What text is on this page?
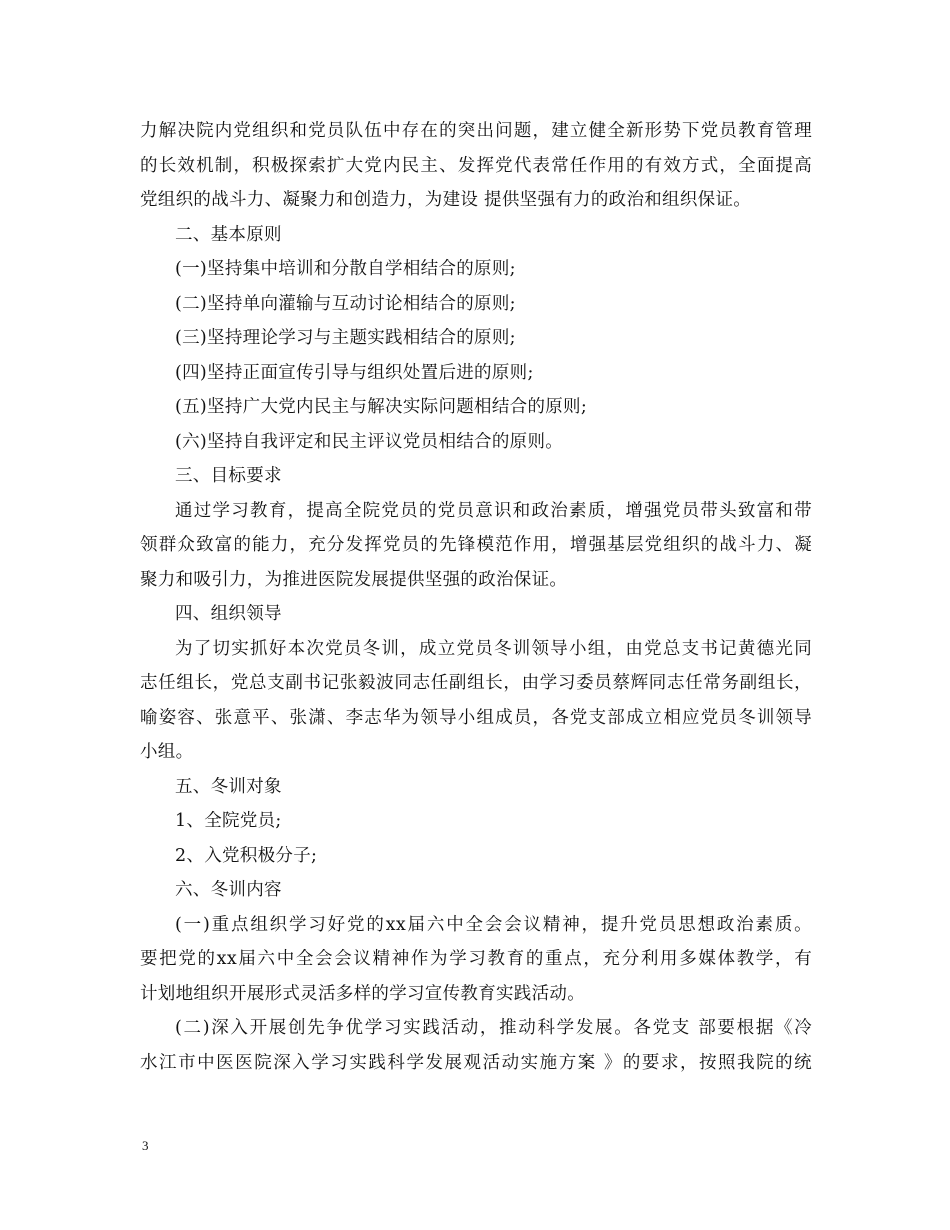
力解决院内党组织和党员队伍中存在的突出问题，建立健全新形势下党员教育管理
的长效机制，积极探索扩大党内民主、发挥党代表常任作用的有效方式，全面提高
党组织的战斗力、凝聚力和创造力，为建设 提供坚强有力的政治和组织保证。
二、基本原则
(一)坚持集中培训和分散自学相结合的原则;
(二)坚持单向灌输与互动讨论相结合的原则;
(三)坚持理论学习与主题实践相结合的原则;
(四)坚持正面宣传引导与组织处置后进的原则;
(五)坚持广大党内民主与解决实际问题相结合的原则;
(六)坚持自我评定和民主评议党员相结合的原则。
三、目标要求
通过学习教育，提高全院党员的党员意识和政治素质，增强党员带头致富和带
领群众致富的能力，充分发挥党员的先锋模范作用，增强基层党组织的战斗力、凝
聚力和吸引力，为推进医院发展提供坚强的政治保证。
四、组织领导
为了切实抓好本次党员冬训，成立党员冬训领导小组，由党总支书记黄德光同
志任组长，党总支副书记张毅波同志任副组长，由学习委员蔡辉同志任常务副组长，
喻姿容、张意平、张潇、李志华为领导小组成员，各党支部成立相应党员冬训领导
小组。
五、冬训对象
1、全院党员;
2、入党积极分子;
六、冬训内容
(一)重点组织学习好党的xx届六中全会会议精神，提升党员思想政治素质。
要把党的xx届六中全会会议精神作为学习教育的重点，充分利用多媒体教学，有
计划地组织开展形式灵活多样的学习宣传教育实践活动。
(二)深入开展创先争优学习实践活动，推动科学发展。各党支 部要根据《冷
水江市中医医院深入学习实践科学发展观活动实施方案 》的要求，按照我院的统
3
